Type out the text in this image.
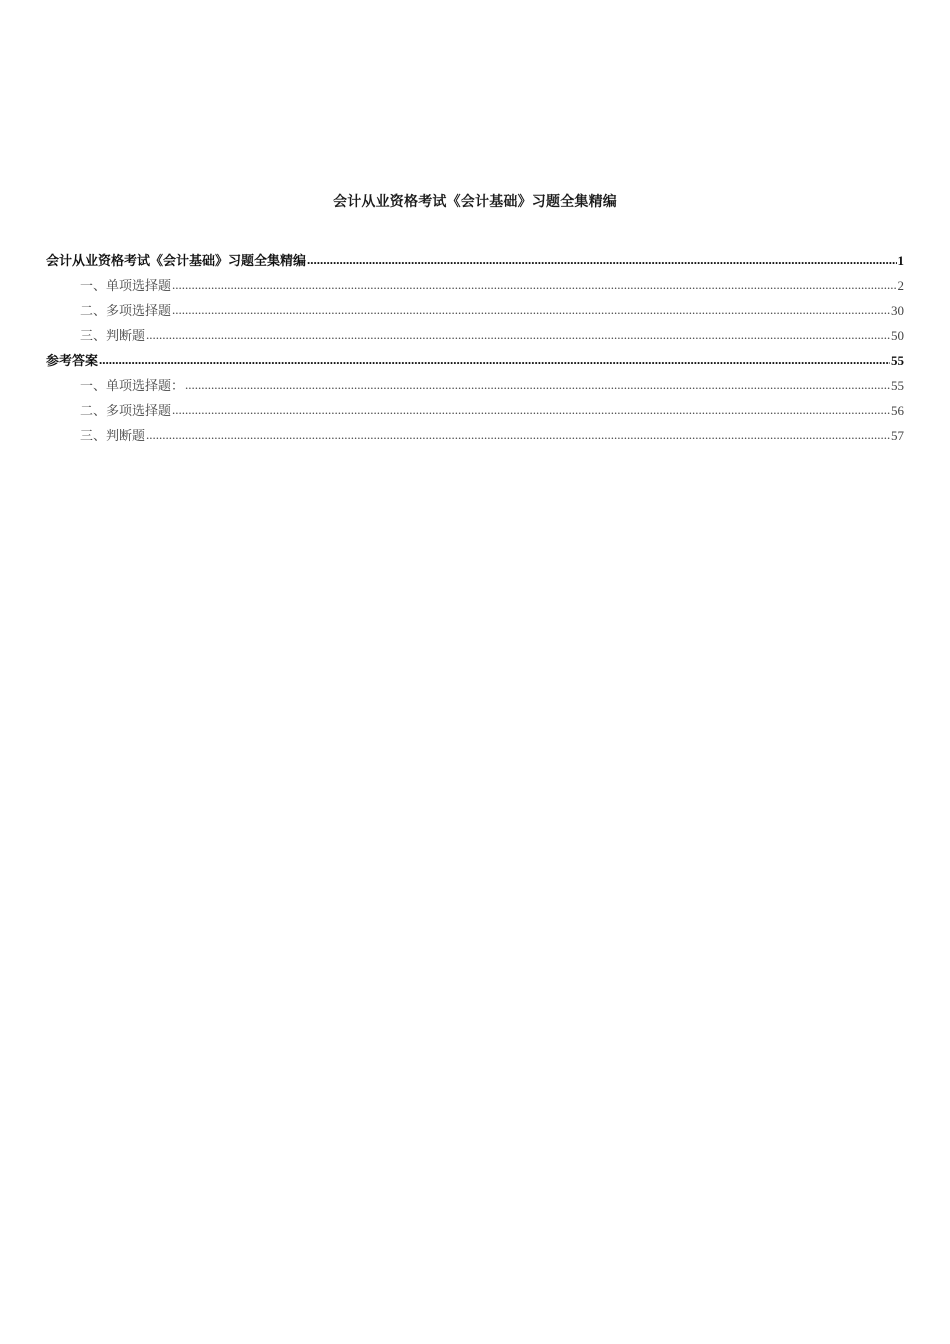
会计从业资格考试《会计基础》习题全集精编
会计从业资格考试《会计基础》习题全集精编 .....	1
一、单项选择题 .....	2
二、多项选择题 .....	30
三、判断题 .....	50
参考答案 .....	55
一、单项选择题： .....	55
二、多项选择题 .....	56
三、判断题 .....	57
